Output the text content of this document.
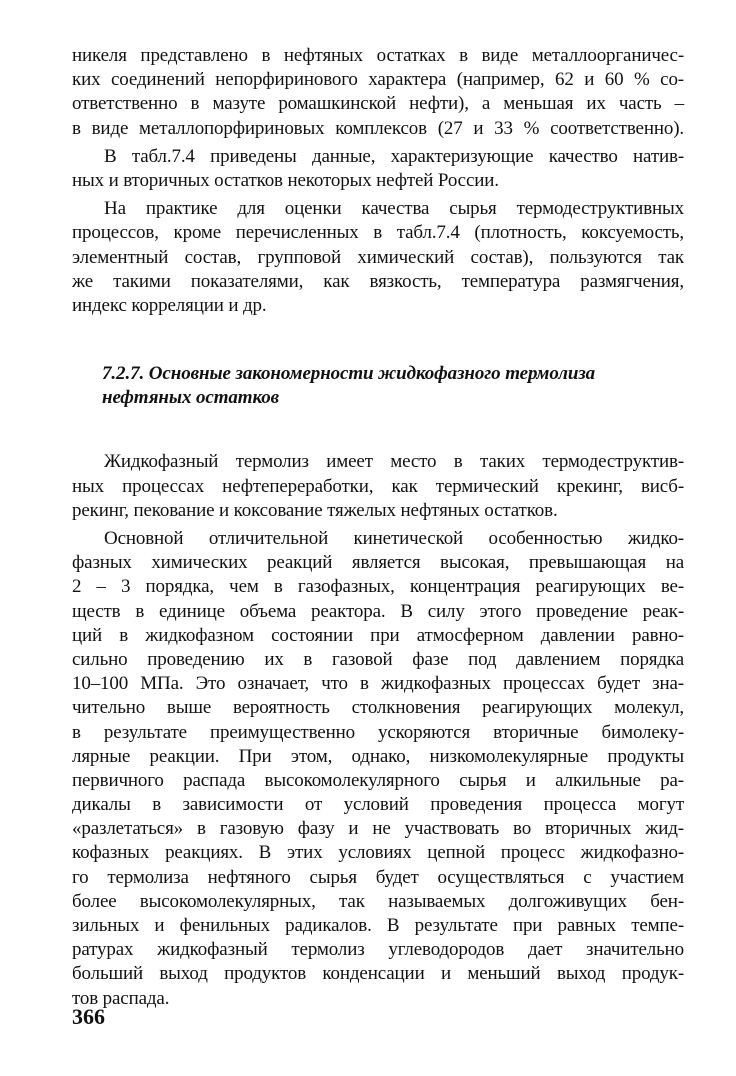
никеля представлено в нефтяных остатках в виде металлоорганичес-
ких соединений непорфиринового характера (например, 62 и 60 % со-
ответственно в мазуте ромашкинской нефти), а меньшая их часть –
в виде металлопорфириновых комплексов (27 и 33 % соответственно).
В табл.7.4 приведены данные, характеризующие качество натив-
ных и вторичных остатков некоторых нефтей России.
На практике для оценки качества сырья термодеструктивных
процессов, кроме перечисленных в табл.7.4 (плотность, коксуемость,
элементный состав, групповой химический состав), пользуются так
же такими показателями, как вязкость, температура размягчения,
индекс корреляции и др.
7.2.7. Основные закономерности жидкофазного термолиза
нефтяных остатков
Жидкофазный термолиз имеет место в таких термодеструктив-
ных процессах нефтепереработки, как термический крекинг, висб-
рекинг, пекование и коксование тяжелых нефтяных остатков.
Основной отличительной кинетической особенностью жидко-
фазных химических реакций является высокая, превышающая на
2 – 3 порядка, чем в газофазных, концентрация реагирующих ве-
ществ в единице объема реактора. В силу этого проведение реак-
ций в жидкофазном состоянии при атмосферном давлении равно-
сильно проведению их в газовой фазе под давлением порядка
10–100 МПа. Это означает, что в жидкофазных процессах будет зна-
чительно выше вероятность столкновения реагирующих молекул,
в результате преимущественно ускоряются вторичные бимолеку-
лярные реакции. При этом, однако, низкомолекулярные продукты
первичного распада высокомолекулярного сырья и алкильные ра-
дикалы в зависимости от условий проведения процесса могут
«разлетаться» в газовую фазу и не участвовать во вторичных жид-
кофазных реакциях. В этих условиях цепной процесс жидкофазно-
го термолиза нефтяного сырья будет осуществляться с участием
более высокомолекулярных, так называемых долгоживущих бен-
зильных и фенильных радикалов. В результате при равных темпе-
ратурах жидкофазный термолиз углеводородов дает значительно
больший выход продуктов конденсации и меньший выход продук-
тов распада.
366
